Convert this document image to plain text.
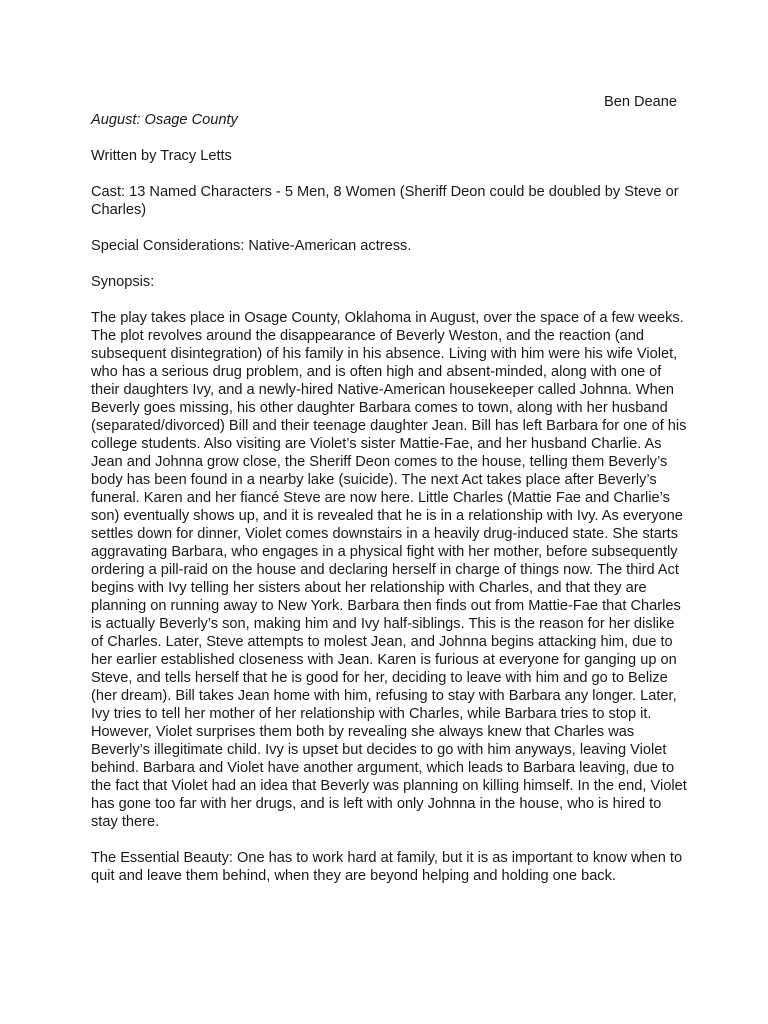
Ben Deane

August: Osage County

Written by Tracy Letts

Cast: 13 Named Characters - 5 Men, 8 Women (Sheriff Deon could be doubled by Steve or Charles)

Special Considerations: Native-American actress.

Synopsis:

The play takes place in Osage County, Oklahoma in August, over the space of a few weeks. The plot revolves around the disappearance of Beverly Weston, and the reaction (and subsequent disintegration) of his family in his absence. Living with him were his wife Violet, who has a serious drug problem, and is often high and absent-minded, along with one of their daughters Ivy, and a newly-hired Native-American housekeeper called Johnna. When Beverly goes missing, his other daughter Barbara comes to town, along with her husband (separated/divorced) Bill and their teenage daughter Jean. Bill has left Barbara for one of his college students. Also visiting are Violet’s sister Mattie-Fae, and her husband Charlie. As Jean and Johnna grow close, the Sheriff Deon comes to the house, telling them Beverly’s body has been found in a nearby lake (suicide). The next Act takes place after Beverly’s funeral. Karen and her fiancé Steve are now here. Little Charles (Mattie Fae and Charlie’s son) eventually shows up, and it is revealed that he is in a relationship with Ivy. As everyone settles down for dinner, Violet comes downstairs in a heavily drug-induced state. She starts aggravating Barbara, who engages in a physical fight with her mother, before subsequently ordering a pill-raid on the house and declaring herself in charge of things now. The third Act begins with Ivy telling her sisters about her relationship with Charles, and that they are planning on running away to New York. Barbara then finds out from Mattie-Fae that Charles is actually Beverly’s son, making him and Ivy half-siblings. This is the reason for her dislike of Charles. Later, Steve attempts to molest Jean, and Johnna begins attacking him, due to her earlier established closeness with Jean. Karen is furious at everyone for ganging up on Steve, and tells herself that he is good for her, deciding to leave with him and go to Belize (her dream). Bill takes Jean home with him, refusing to stay with Barbara any longer. Later, Ivy tries to tell her mother of her relationship with Charles, while Barbara tries to stop it. However, Violet surprises them both by revealing she always knew that Charles was Beverly’s illegitimate child. Ivy is upset but decides to go with him anyways, leaving Violet behind. Barbara and Violet have another argument, which leads to Barbara leaving, due to the fact that Violet had an idea that Beverly was planning on killing himself. In the end, Violet has gone too far with her drugs, and is left with only Johnna in the house, who is hired to stay there.

The Essential Beauty: One has to work hard at family, but it is as important to know when to quit and leave them behind, when they are beyond helping and holding one back.
